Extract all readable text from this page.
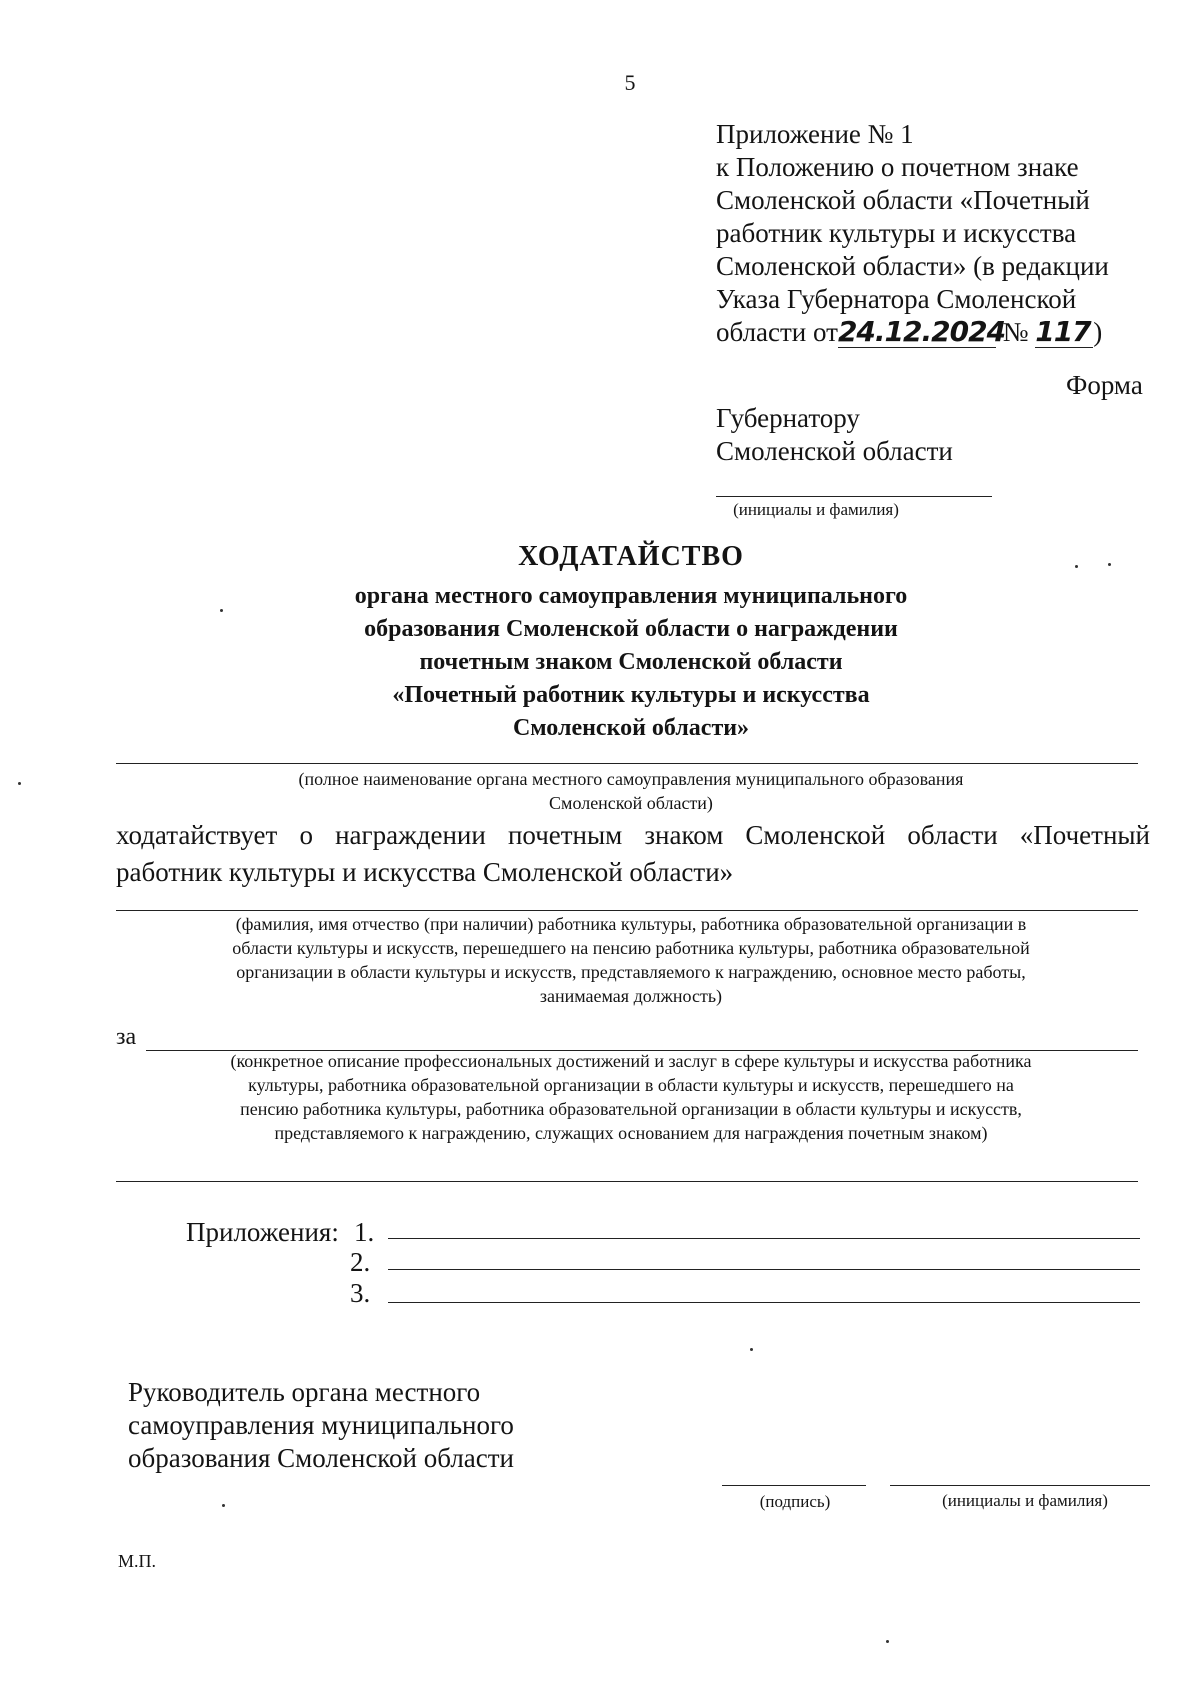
5
Приложение № 1
к Положению о почетном знаке
Смоленской области «Почетный
работник культуры и искусства
Смоленской области» (в редакции
Указа Губернатора Смоленской
области от24.12.2024 № 117)
Форма
Губернатору
Смоленской области
(инициалы и фамилия)
ХОДАТАЙСТВО
органа местного самоуправления муниципального
образования Смоленской области о награждении
почетным знаком Смоленской области
«Почетный работник культуры и искусства
Смоленской области»
(полное наименование органа местного самоуправления муниципального образования
Смоленской области)
ходатайствует о награждении почетным знаком Смоленской области «Почетный работник культуры и искусства Смоленской области»
(фамилия, имя отчество (при наличии) работника культуры, работника образовательной организации в
области культуры и искусств, перешедшего на пенсию работника культуры, работника образовательной
организации в области культуры и искусств, представляемого к награждению, основное место работы,
занимаемая должность)
за
(конкретное описание профессиональных достижений и заслуг в сфере культуры и искусства работника
культуры, работника образовательной организации в области культуры и искусств, перешедшего на
пенсию работника культуры, работника образовательной организации в области культуры и искусств,
представляемого к награждению, служащих основанием для награждения почетным знаком)
Приложения: 1.
2.
3.
Руководитель органа местного
самоуправления муниципального
образования Смоленской области
(подпись)	(инициалы и фамилия)
М.П.
